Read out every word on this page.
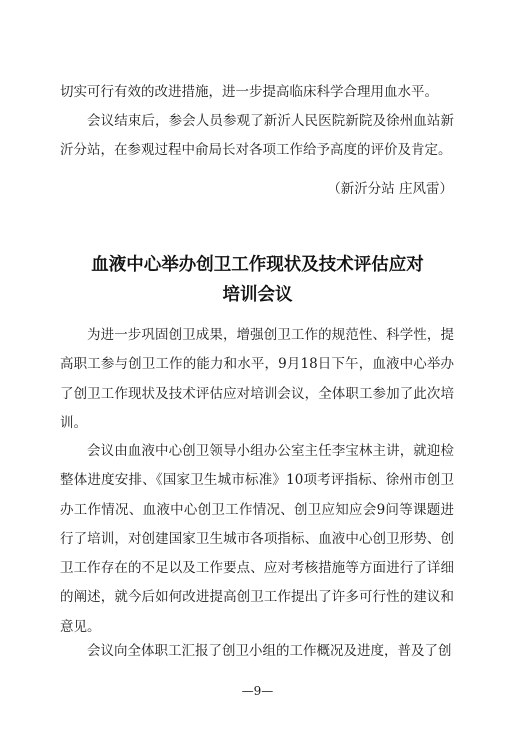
切实可行有效的改进措施，进一步提高临床科学合理用血水平。

会议结束后，参会人员参观了新沂人民医院新院及徐州血站新沂分站，在参观过程中俞局长对各项工作给予高度的评价及肯定。

（新沂分站 庄风雷）

血液中心举办创卫工作现状及技术评估应对
培训会议

为进一步巩固创卫成果，增强创卫工作的规范性、科学性，提高职工参与创卫工作的能力和水平，9月18日下午，血液中心举办了创卫工作现状及技术评估应对培训会议，全体职工参加了此次培训。

会议由血液中心创卫领导小组办公室主任李宝林主讲，就迎检整体进度安排、《国家卫生城市标准》10项考评指标、徐州市创卫办工作情况、血液中心创卫工作情况、创卫应知应会9问等课题进行了培训，对创建国家卫生城市各项指标、血液中心创卫形势、创卫工作存在的不足以及工作要点、应对考核措施等方面进行了详细的阐述，就今后如何改进提高创卫工作提出了许多可行性的建议和意见。

会议向全体职工汇报了创卫小组的工作概况及进度，普及了创

—9—
